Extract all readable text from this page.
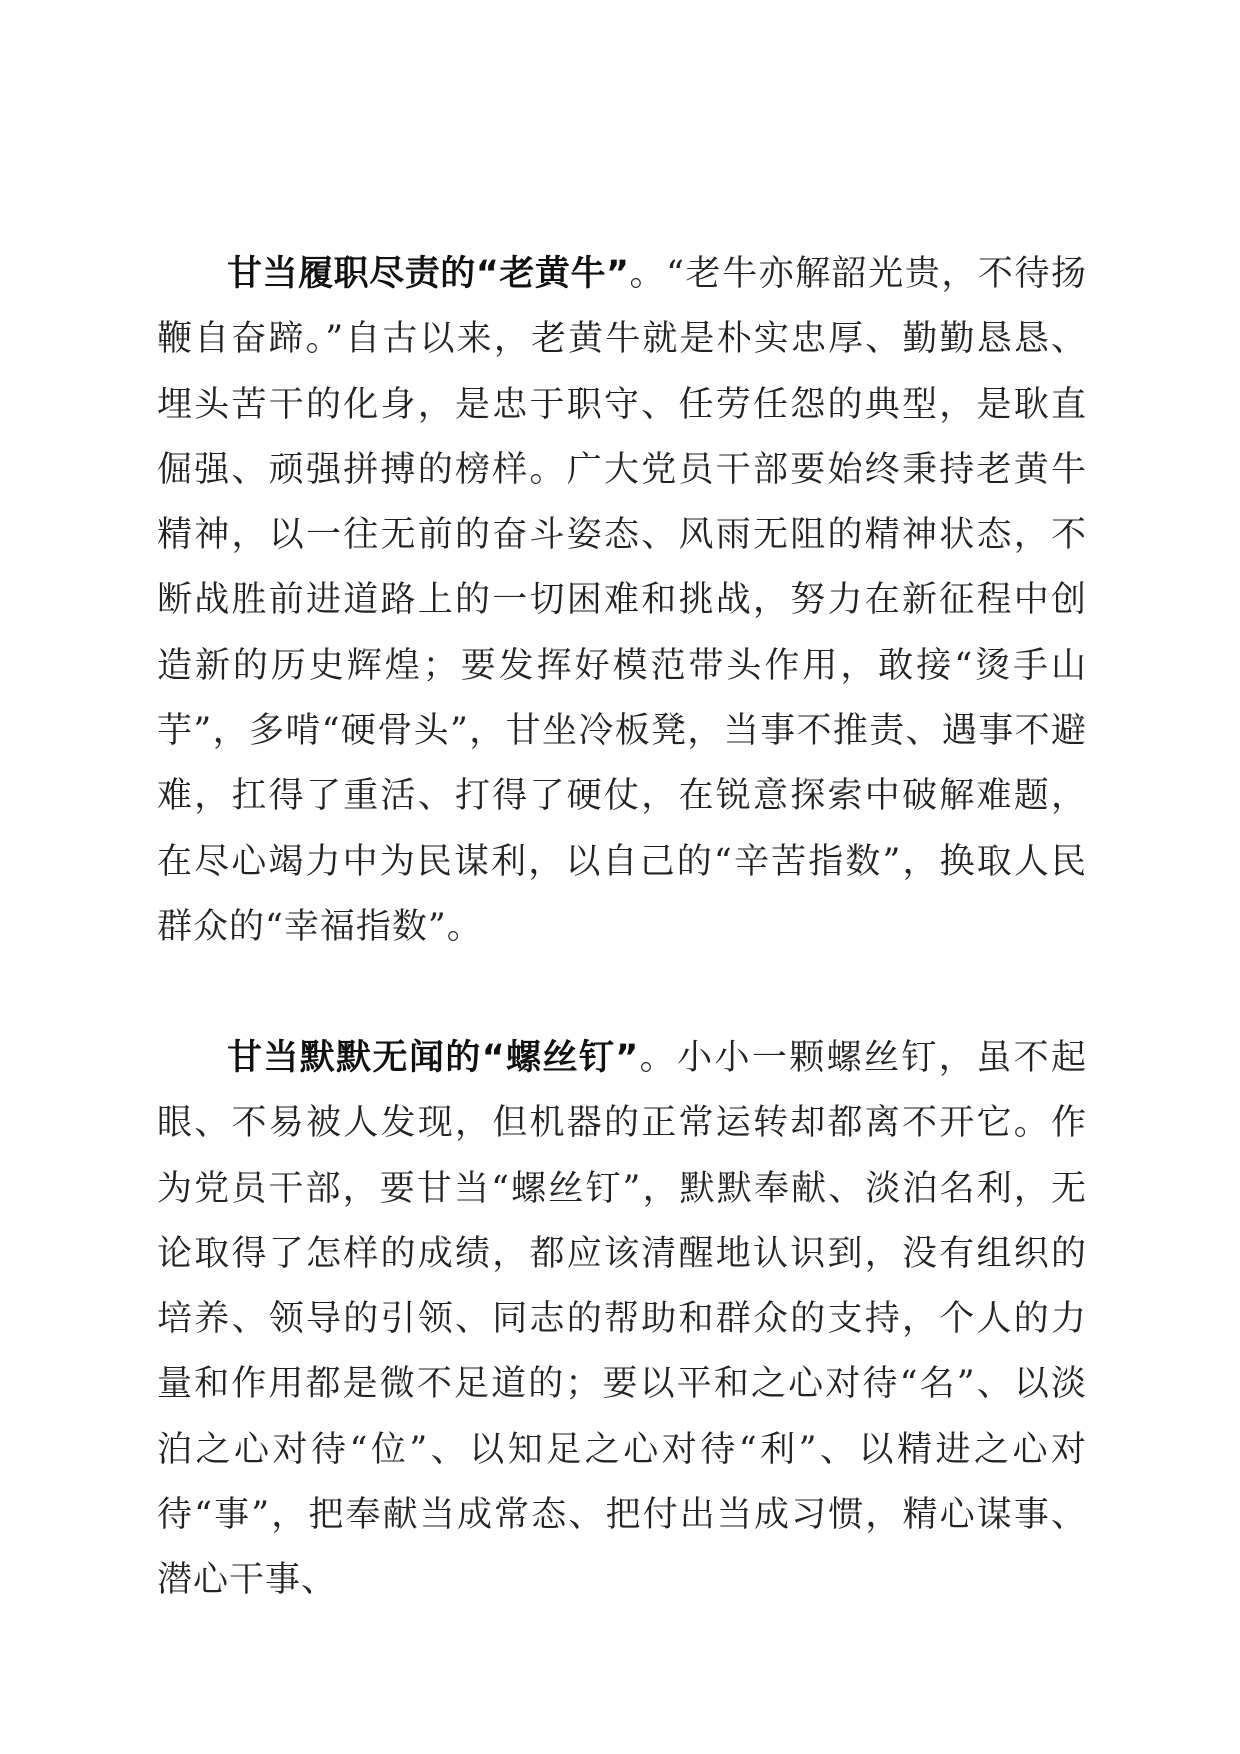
甘当履职尽责的“老黄牛”。“老牛亦解韶光贵，不待扬鞭自奋蹄。”自古以来，老黄牛就是朴实忠厚、勤勤恳恳、埋头苦干的化身，是忠于职守、任劳任怨的典型，是耿直倔强、顽强拼搏的榜样。广大党员干部要始终秉持老黄牛精神，以一往无前的奋斗姿态、风雨无阻的精神状态，不断战胜前进道路上的一切困难和挑战，努力在新征程中创造新的历史辉煌；要发挥好模范带头作用，敢接“烫手山芋”，多啃“硬骨头”，甘坐冷板凳，当事不推责、遇事不避难，扛得了重活、打得了硬仗，在锐意探索中破解难题，在尽心竭力中为民谋利，以自己的“辛苦指数”，换取人民群众的“幸福指数”。

甘当默默无闻的“螺丝钉”。小小一颗螺丝钉，虽不起眼、不易被人发现，但机器的正常运转却都离不开它。作为党员干部，要甘当“螺丝钉”，默默奉献、淡泊名利，无论取得了怎样的成绩，都应该清醒地认识到，没有组织的培养、领导的引领、同志的帮助和群众的支持，个人的力量和作用都是微不足道的；要以平和之心对待“名”、以淡泊之心对待“位”、以知足之心对待“利”、以精进之心对待“事”，把奉献当成常态、把付出当成习惯，精心谋事、潜心干事、
